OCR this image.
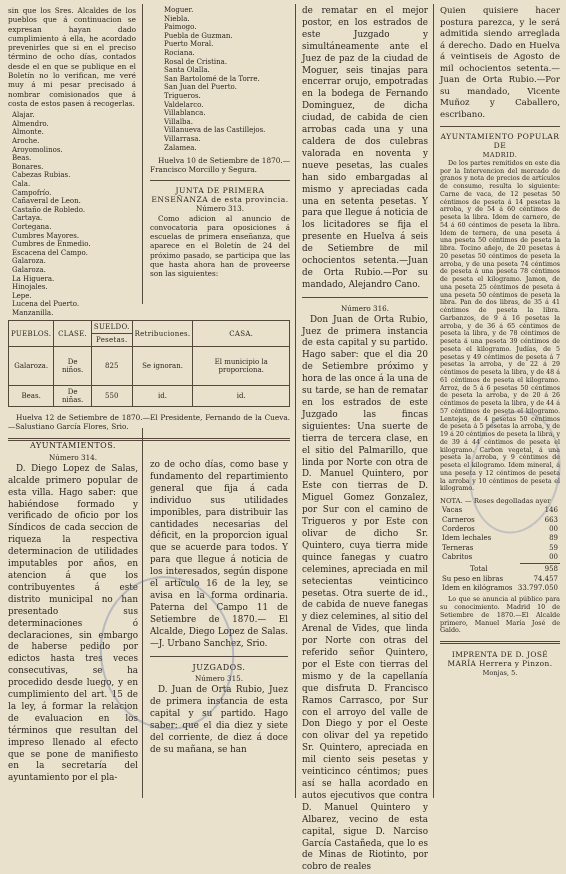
sin que los Sres. Alcaldes de los pueblos que á continuacion se expresan hayan dado cumplimiento á ella, he acordado prevenirles que si en el preciso término de ocho días, contados desde el en que se publique en el Boletín no lo verifican, me veré muy á mi pesar precisado á nombrar comisionados que á costa de estos pasen á recogerlas.

Alajar.

Almendro.

Almonte.

Aroche.

Aroyomolinos.

Beas.

Bonares.

Cabezas Rubias.

Cala.

Campofrío.

Cañaveral de Leon.

Castaño de Robledo.

Cartaya.

Cortegana.

Cumbres Mayores.

Cumbres de Enmedio.

Escacena del Campo.

Galaroza.

Galaroza.

La Higuera.

Hinojales.

Lepe.

Lucena del Puerto.

Manzanilla.

Moguer.

Niebla.

Paimogo.

Puebla de Guzman.

Puerto Moral.

Rociana.

Rosal de Cristina.

Santa Olalla.

San Bartolomé de la Torre.

San Juan del Puerto.

Trigueros.

Valdelarco.

Villablanca.

Villalba.

Villanueva de las Castillejos.

Villarrasa.

Zalamea.

Huelva 10 de Setiembre de 1870.—Francisco Morcillo y Segura.

JUNTA DE PRIMERA ENSEÑANZA de esta provincia.

Número 313.

Como adicion al anuncio de convocatoria para oposiciones á escuelas de primera enseñanza, que aparece en el Boletín de 24 del próximo pasado, se participa que las que hasta ahora han de proveerse son las siguientes:

PUEBLOS.	CLASE.	SUELDO.	Retribuciones.	CASA.
		Pesetas.		
Galaroza.	De niños.	825	Se ignoran.	El municipio la proporciona.
Beas.	De niñas.	550	id.	id.

Huelva 12 de Setiembre de 1870.—El Presidente, Fernando de la Cueva.—Salustiano García Flores, Srio.

AYUNTAMIENTOS.

Número 314.

D. Diego Lopez de Salas, alcalde primero popular de esta villa. Hago saber: que habiéndose formado y verificado de oficio por los Síndicos de cada seccion de riqueza la respectiva determinacion de utilidades imputables por años, en atencion á que los contribuyentes á este distrito municipal no han presentado sus determinaciones ó declaraciones, sin embargo de haberse pedido por edictos hasta tres veces consecutivas, se ha procedido desde luego, y en cumplimiento del art. 15 de la ley, á formar la relacion de evaluacion en los términos que resultan del impreso llenado al efecto que se pone de manifiesto en la secretaría del ayuntamiento por el pla-

zo de ocho días, como base y fundamento del repartimiento general que fija á cada individuo sus utilidades imponibles, para distribuir las cantidades necesarias del déficit, en la proporcion igual que se acuerde para todos. Y para que llegue á noticia de los interesados, según dispone el artículo 16 de la ley, se avisa en la forma ordinaria. Paterna del Campo 11 de Setiembre de 1870.— El Alcalde, Diego Lopez de Salas.—J. Urbano Sanchez, Srio.

JUZGADOS.

Número 315.

D. Juan de Orta Rubio, Juez de primera instancia de esta capital y su partido. Hago saber: que el dia diez y siete del corriente, de diez á doce de su mañana, se han

de rematar en el mejor postor, en los estrados de este Juzgado y simultáneamente ante el Juez de paz de la ciudad de Moguer, seis tinajas para encerrar orujo, empotradas en la bodega de Fernando Dominguez, de dicha ciudad, de cabida de cien arrobas cada una y una caldera de dos culebras valorada en noventa y nueve pesetas, las cuales han sido embargadas al mismo y apreciadas cada una en setenta pesetas. Y para que llegue á noticia de los licitadores se fija el presente en Huelva á seis de Setiembre de mil ochocientos setenta.—Juan de Orta Rubio.—Por su mandado, Alejandro Cano.

Número 316.

Don Juan de Orta Rubio, Juez de primera instancia de esta capital y su partido. Hago saber: que el dia 20 de Setiembre próximo y hora de las once á la una de su tarde, se han de rematar en los estrados de este Juzgado las fincas siguientes: Una suerte de tierra de tercera clase, en el sitio del Palmarillo, que linda por Norte con otra de D. Manuel Quintero, por Este con tierras de D. Miguel Gomez Gonzalez, por Sur con el camino de Trigueros y por Este con olivar de dicho Sr. Quintero, cuya tierra mide quince fanegas y cuatro celemines, apreciada en mil setecientas veinticinco pesetas. Otra suerte de id., de cabida de nueve fanegas y diez celemines, al sitio del Arenal de Vides, que linda por Norte con otras del referido señor Quintero, por el Este con tierras del mismo y de la capellanía que disfruta D. Francisco Ramos Carrasco, por Sur con el arroyo del valle de Don Diego y por el Oeste con olivar del ya repetido Sr. Quintero, apreciada en mil ciento seis pesetas y veinticinco céntimos; pues así se halla acordado en autos ejecutivos que contra D. Manuel Quintero y Albarez, vecino de esta capital, sigue D. Narciso García Castañeda, que lo es de Minas de Riotinto, por cobro de reales

Quien quisiere hacer postura parezca, y le será admitida siendo arreglada á derecho. Dado en Huelva á veintiseis de Agosto de mil ochocientos setenta.—Juan de Orta Rubio.—Por su mandado, Vicente Muñoz y Caballero, escribano.

AYUNTAMIENTO POPULAR DE

MADRID.

De los partes remitidos en este dia por la Intervencion del mercado de granos y nota de precios de artículos de consumo, resulta lo siguiente: Carne de vaca, de 12 pesetas 50 céntimos de peseta á 14 pesetas la arroba, y de 54 á 60 céntimos de peseta la libra. Idem de carnero, de 54 á 60 céntimos de peseta la libra. Idem de ternera, de una peseta á una peseta 50 céntimos de peseta la libra. Tocino añejo, de 20 pesetas á 20 pesetas 50 céntimos de peseta la arroba, y de una peseta 74 céntimos de peseta á una peseta 78 céntimos de peseta el kilogramo. Jamon, de una peseta 25 céntimos de peseta á una peseta 50 céntimos de peseta la libra. Pan de dos libras, de 35 á 41 céntimos de peseta la libra. Garbanzos, de 9 á 16 pesetas la arroba, y de 36 á 65 céntimos de peseta la libra, y de 78 céntimos de peseta á una peseta 39 céntimos de peseta el kilogramo. Judías, de 5 pesetas y 49 céntimos de peseta á 7 pesetas la arroba, y de 22 á 29 céntimos de peseta la libra, y de 48 á 61 céntimos de peseta el kilogramo. Arroz, de 5 á 6 pesetas 50 céntimos de peseta la arroba, y de 20 á 26 céntimos de peseta la libra, y de 44 á 57 céntimos de peseta el kilogramo. Lentejas, de 4 pesetas 50 céntimos de peseta á 5 pesetas la arroba, y de 19 á 20 céntimos de peseta la libra, y de 39 á 44 céntimos de peseta el kilogramo. Carbon vegetal, á una peseta la arroba, y 9 céntimos de peseta el kilogramo. Idem mineral, á una peseta y 12 céntimos de peseta la arroba y 10 céntimos de peseta el kilogramo.

NOTA. — Reses degolladas ayer

Vacas	146
Carneros	663
Corderos	00
Idem lechales	89
Terneras	59
Cabritos	00
Total	958
Su peso en libras	74.457
Idem en kilógramos	33.797.050

Lo que se anuncia al público para su conocimiento. Madrid 10 de Setiembre de 1870.—El Alcalde primero, Manuel María José de Galdo.

IMPRENTA DE D. JOSÉ MARÍA Herrera y Pinzon.

Monjas, 5.
